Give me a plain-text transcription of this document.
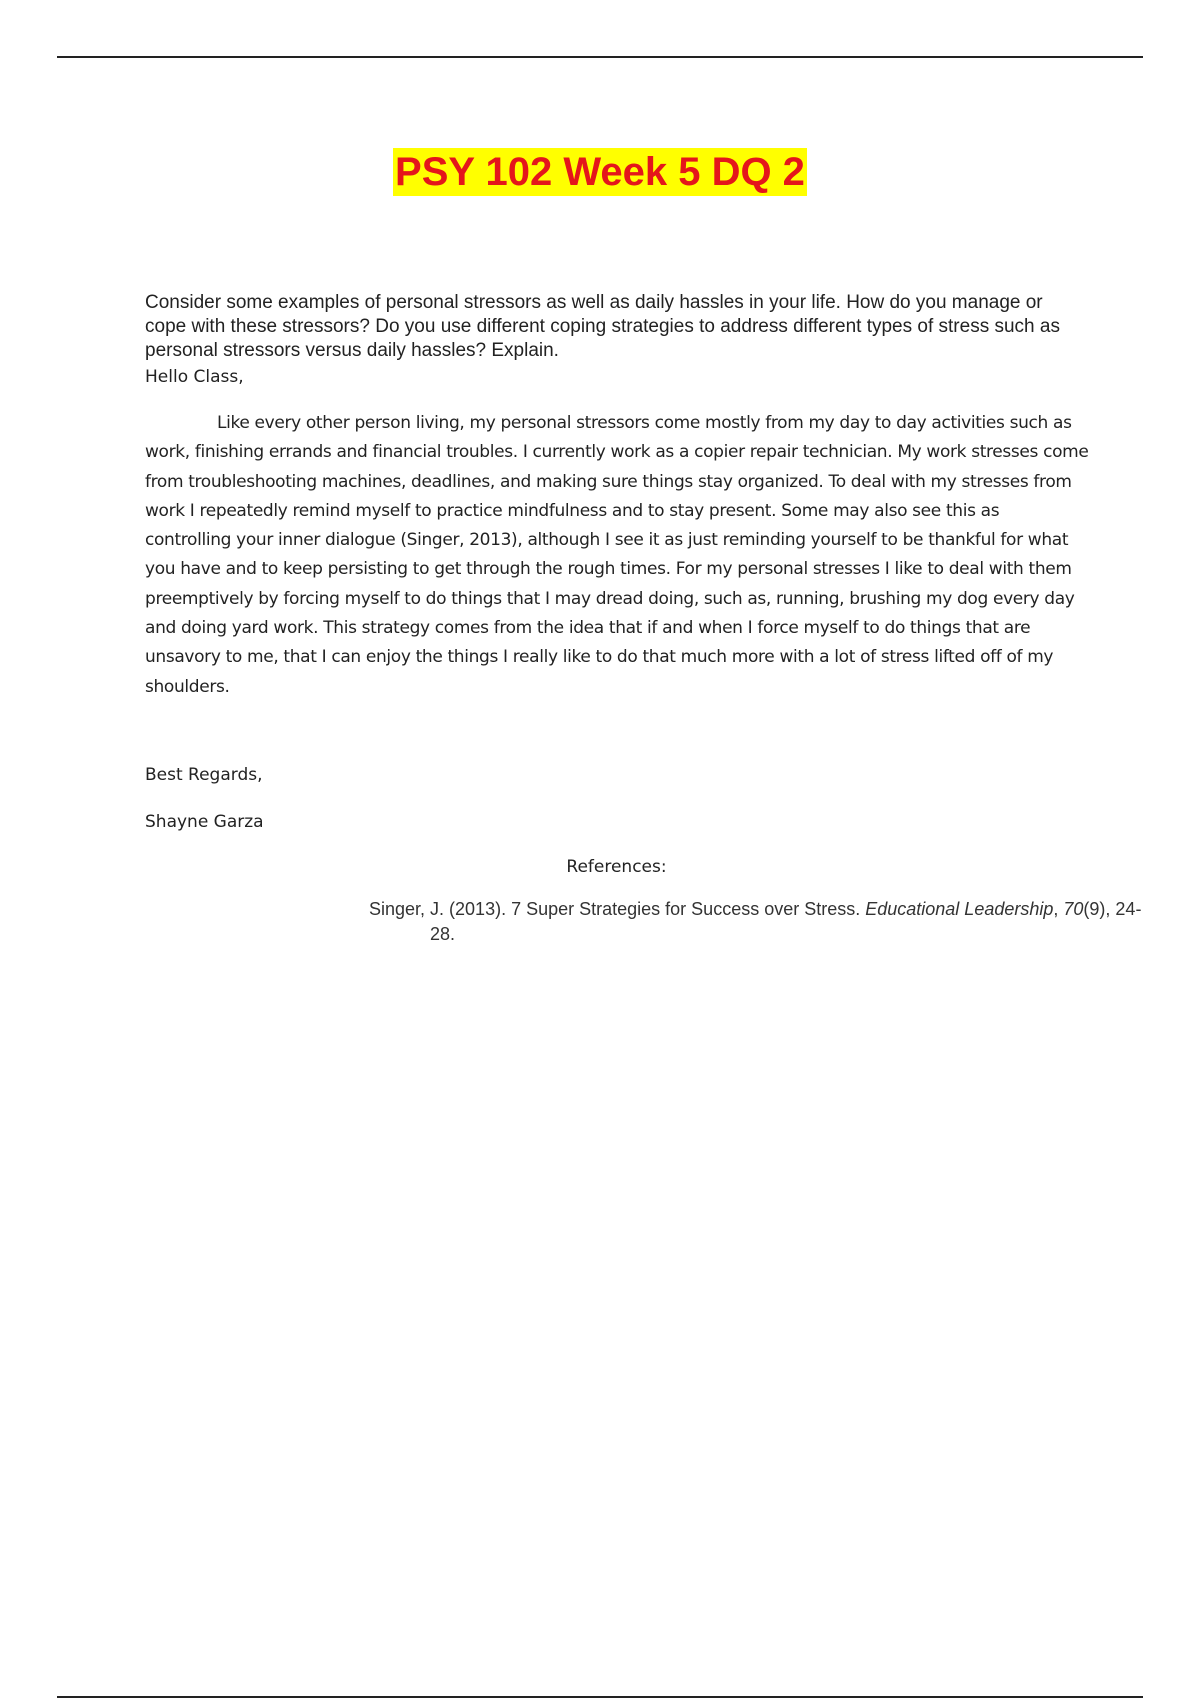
PSY 102 Week 5 DQ 2

Consider some examples of personal stressors as well as daily hassles in your life. How do you manage or cope with these stressors? Do you use different coping strategies to address different types of stress such as personal stressors versus daily hassles? Explain.

Hello Class,

Like every other person living, my personal stressors come mostly from my day to day activities such as work, finishing errands and financial troubles. I currently work as a copier repair technician. My work stresses come from troubleshooting machines, deadlines, and making sure things stay organized. To deal with my stresses from work I repeatedly remind myself to practice mindfulness and to stay present. Some may also see this as controlling your inner dialogue (Singer, 2013), although I see it as just reminding yourself to be thankful for what you have and to keep persisting to get through the rough times. For my personal stresses I like to deal with them preemptively by forcing myself to do things that I may dread doing, such as, running, brushing my dog every day and doing yard work. This strategy comes from the idea that if and when I force myself to do things that are unsavory to me, that I can enjoy the things I really like to do that much more with a lot of stress lifted off of my shoulders.

Best Regards,

Shayne Garza

References:

Singer, J. (2013). 7 Super Strategies for Success over Stress. Educational Leadership, 70(9), 24-28.
